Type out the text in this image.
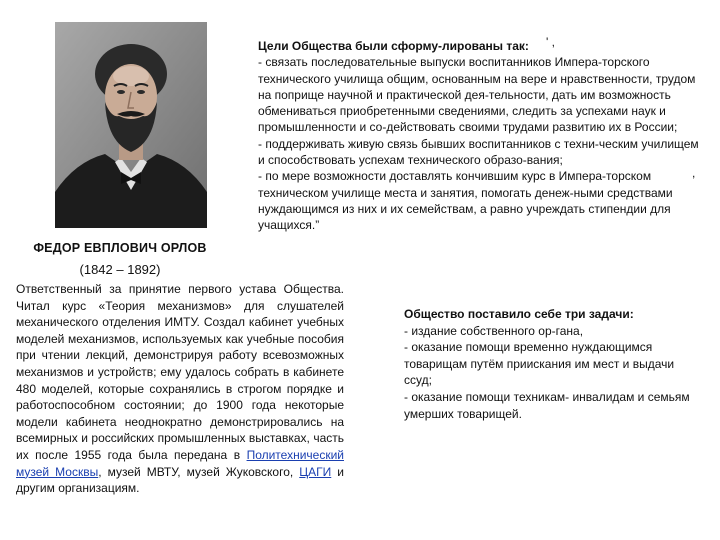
ФЕДОР ЕВПЛОВИЧ ОРЛОВ
(1842 – 1892)
' ,
,
Цели Общества были сформу-лированы так:

- связать последовательные выпуски воспитанников Импера-торского технического училища общим, основанным на вере и нравственности, трудом на поприще научной и практической дея-тельности, дать им возможность обмениваться приобретенными сведениями, следить за успехами наук и промышленности и со-действовать своими трудами развитию их в России;

- поддерживать живую связь бывших воспитанников с техни-ческим училищем и способствовать успехам технического образо-вания;

- по мере возможности доставлять кончившим курс в Импера-торском техническом училище места и занятия, помогать денеж-ными средствами нуждающимся из них и их семействам, а равно учреждать стипендии для учащихся.”

Ответственный за принятие первого устава Общества. Читал курс «Теория механизмов» для слушателей механического отделения ИМТУ. Создал кабинет учебных моделей механизмов, используемых как учебные пособия при чтении лекций, демонстрируя работу всевозможных механизмов и устройств; ему удалось собрать в кабинете 480 моделей, которые сохранялись в строгом порядке и работоспособном состоянии; до 1900 года некоторые модели кабинета неоднократно демонстрировались на всемирных и российских промышленных выставках, часть их после 1955 года была передана в Политехнический музей Москвы, музей МВТУ, музей Жуковского, ЦАГИ и другим организациям.
Общество поставило себе три задачи:

- издание собственного ор-гана,

- оказание помощи временно нуждающимся товарищам путём приискания им мест и выдачи ссуд;

- оказание помощи техникам- инвалидам и семьям умерших товарищей.
